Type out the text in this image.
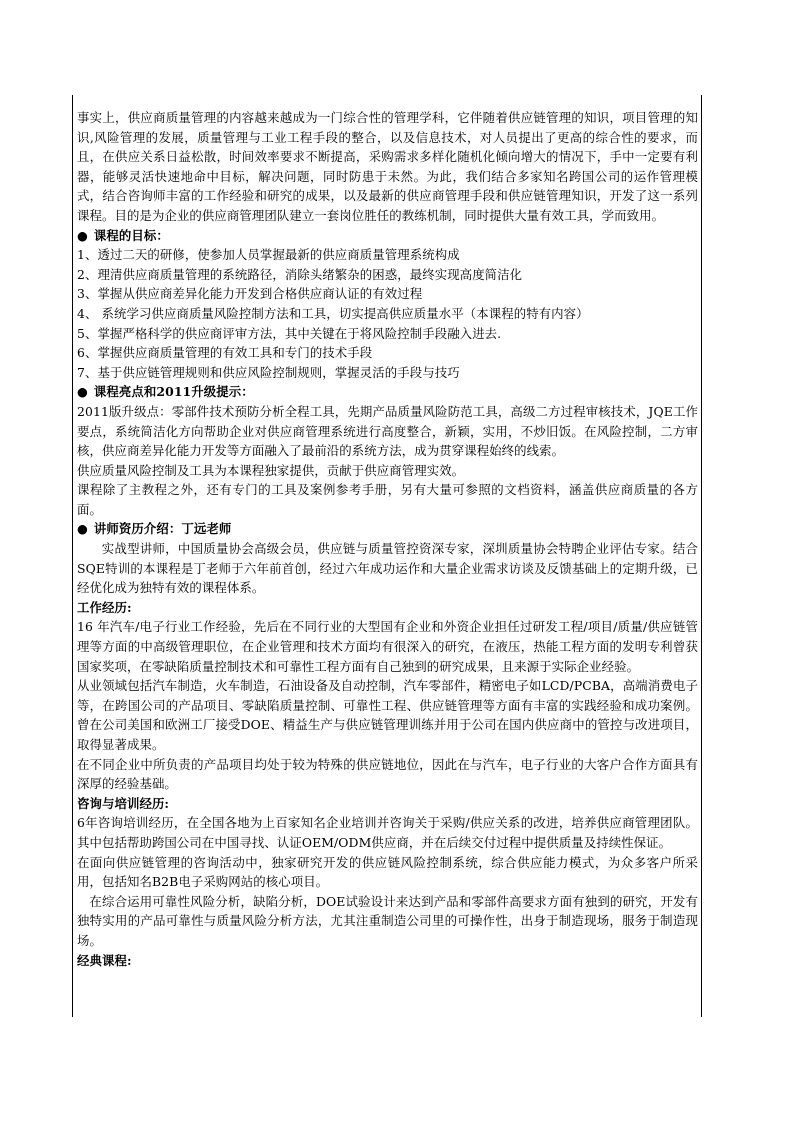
事实上，供应商质量管理的内容越来越成为一门综合性的管理学科，它伴随着供应链管理的知识，项目管理的知识,风险管理的发展，质量管理与工业工程手段的整合，以及信息技术，对人员提出了更高的综合性的要求，而且，在供应关系日益松散，时间效率要求不断提高，采购需求多样化随机化倾向增大的情况下，手中一定要有利器，能够灵活快速地命中目标，解决问题，同时防患于未然。为此，我们结合多家知名跨国公司的运作管理模式，结合咨询师丰富的工作经验和研究的成果，以及最新的供应商管理手段和供应链管理知识，开发了这一系列课程。目的是为企业的供应商管理团队建立一套岗位胜任的教练机制，同时提供大量有效工具，学而致用。

● 课程的目标：

1、透过二天的研修，使参加人员掌握最新的供应商质量管理系统构成

2、理清供应商质量管理的系统路径，消除头绪繁杂的困惑，最终实现高度简洁化

3、掌握从供应商差异化能力开发到合格供应商认证的有效过程

4、 系统学习供应商质量风险控制方法和工具，切实提高供应质量水平（本课程的特有内容）

5、掌握严格科学的供应商评审方法，其中关键在于将风险控制手段融入进去.

6、掌握供应商质量管理的有效工具和专门的技术手段

7、基于供应链管理规则和供应风险控制规则，掌握灵活的手段与技巧

● 课程亮点和2011升级提示：

2011版升级点：零部件技术预防分析全程工具，先期产品质量风险防范工具，高级二方过程审核技术，JQE工作要点，系统简洁化方向帮助企业对供应商管理系统进行高度整合，新颖，实用，不炒旧饭。在风险控制，二方审核，供应商差异化能力开发等方面融入了最前沿的系统方法，成为贯穿课程始终的线索。

供应质量风险控制及工具为本课程独家提供，贡献于供应商管理实效。

课程除了主教程之外，还有专门的工具及案例参考手册，另有大量可参照的文档资料，涵盖供应商质量的各方面。

● 讲师资历介绍：丁远老师

实战型讲师，中国质量协会高级会员，供应链与质量管控资深专家，深圳质量协会特聘企业评估专家。结合SQE特训的本课程是丁老师于六年前首创，经过六年成功运作和大量企业需求访谈及反馈基础上的定期升级，已经优化成为独特有效的课程体系。

工作经历:

16 年汽车/电子行业工作经验，先后在不同行业的大型国有企业和外资企业担任过研发工程/项目/质量/供应链管理等方面的中高级管理职位，在企业管理和技术方面均有很深入的研究，在液压，热能工程方面的发明专利曾获国家奖项，在零缺陷质量控制技术和可靠性工程方面有自己独到的研究成果，且来源于实际企业经验。

从业领域包括汽车制造，火车制造，石油设备及自动控制，汽车零部件，精密电子如LCD/PCBA，高端消费电子等，在跨国公司的产品项目、零缺陷质量控制、可靠性工程、供应链管理等方面有丰富的实践经验和成功案例。曾在公司美国和欧洲工厂接受DOE、精益生产与供应链管理训练并用于公司在国内供应商中的管控与改进项目，取得显著成果。

在不同企业中所负责的产品项目均处于较为特殊的供应链地位，因此在与汽车，电子行业的大客户合作方面具有深厚的经验基础。

咨询与培训经历:

6年咨询培训经历，在全国各地为上百家知名企业培训并咨询关于采购/供应关系的改进，培养供应商管理团队。其中包括帮助跨国公司在中国寻找、认证OEM/ODM供应商，并在后续交付过程中提供质量及持续性保证。

在面向供应链管理的咨询活动中，独家研究开发的供应链风险控制系统，综合供应能力模式，为众多客户所采用，包括知名B2B电子采购网站的核心项目。

在综合运用可靠性风险分析，缺陷分析，DOE试验设计来达到产品和零部件高要求方面有独到的研究，开发有独特实用的产品可靠性与质量风险分析方法，尤其注重制造公司里的可操作性，出身于制造现场，服务于制造现场。

经典课程:
